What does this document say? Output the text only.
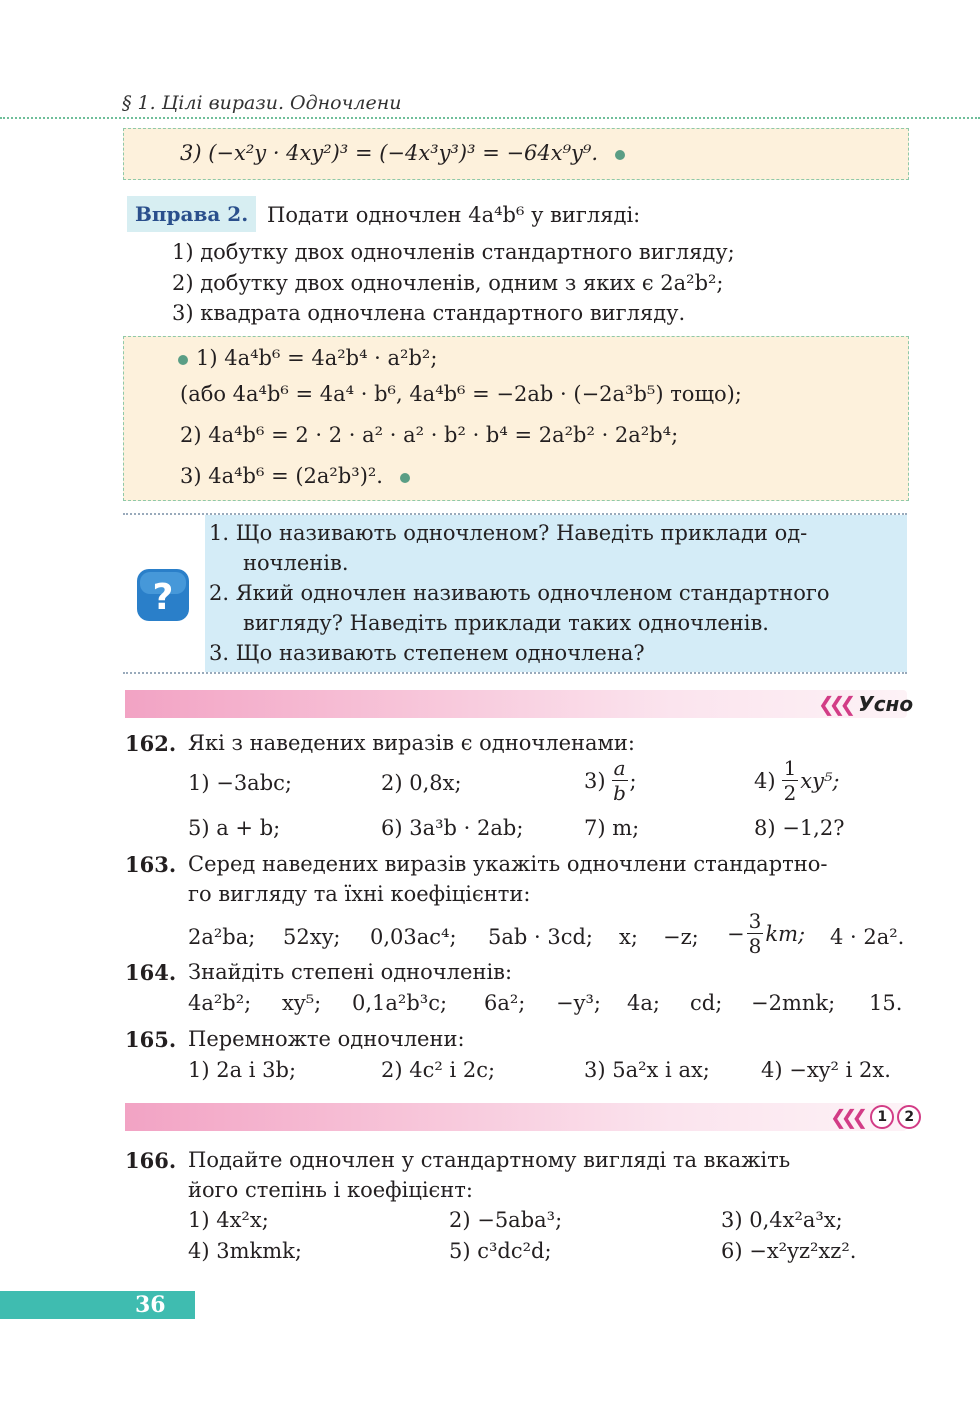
§ 1. Цілі вирази. Одночлени
3) (−x²y · 4xy²)³ = (−4x³y³)³ = −64x⁹y⁹.
Вправа 2. Подати одночлен 4a⁴b⁶ у вигляді:
1) добутку двох одночленів стандартного вигляду;
2) добутку двох одночленів, одним з яких є 2a²b²;
3) квадрата одночлена стандартного вигляду.
1) 4a⁴b⁶ = 4a²b⁴ · a²b²;
(або 4a⁴b⁶ = 4a⁴ · b⁶, 4a⁴b⁶ = −2ab · (−2a³b⁵) тощо);
2) 4a⁴b⁶ = 2 · 2 · a² · a² · b² · b⁴ = 2a²b² · 2a²b⁴;
3) 4a⁴b⁶ = (2a²b³)².
?
1. Що називають одночленом? Наведіть приклади од-
ночленів.
2. Який одночлен називають одночленом стандартного
вигляду? Наведіть приклади таких одночленів.
3. Що називають степенем одночлена?
❮❮❮ Усно
162. Які з наведених виразів є одночленами:
1) −3abc;	2) 0,8x;	$3) \frac{a}{b}$ ;	$4) \frac{1}{2} xy^5$;
5) a + b;	6) 3a³b · 2ab;	7) m;	8) −1,2?
163. Серед наведених виразів укажіть одночлени стандартно-
го вигляду та їхні коефіцієнти:
2a²ba; 52xy; 0,03ac⁴; 5ab · 3cd; x; −z; − $\frac{3}{8}$ km; 4 · 2a².
164. Знайдіть степені одночленів:
4a²b²; xy⁵; 0,1a²b³c; 6a²; −y³; 4a; cd; −2mnk; 15.
165. Перемножте одночлени:
1) 2a і 3b;	2) 4c² і 2c;	3) 5a²x і ax; 4) −xy² і 2x.
❮❮❮ 1 2
166. Подайте одночлен у стандартному вигляді та вкажіть
його степінь і коефіцієнт:
1) 4x²x;	2) −5aba³;	3) 0,4x²a³x;
4) 3mkmk;	5) c³dc²d;	6) −x²yz²xz².
36
